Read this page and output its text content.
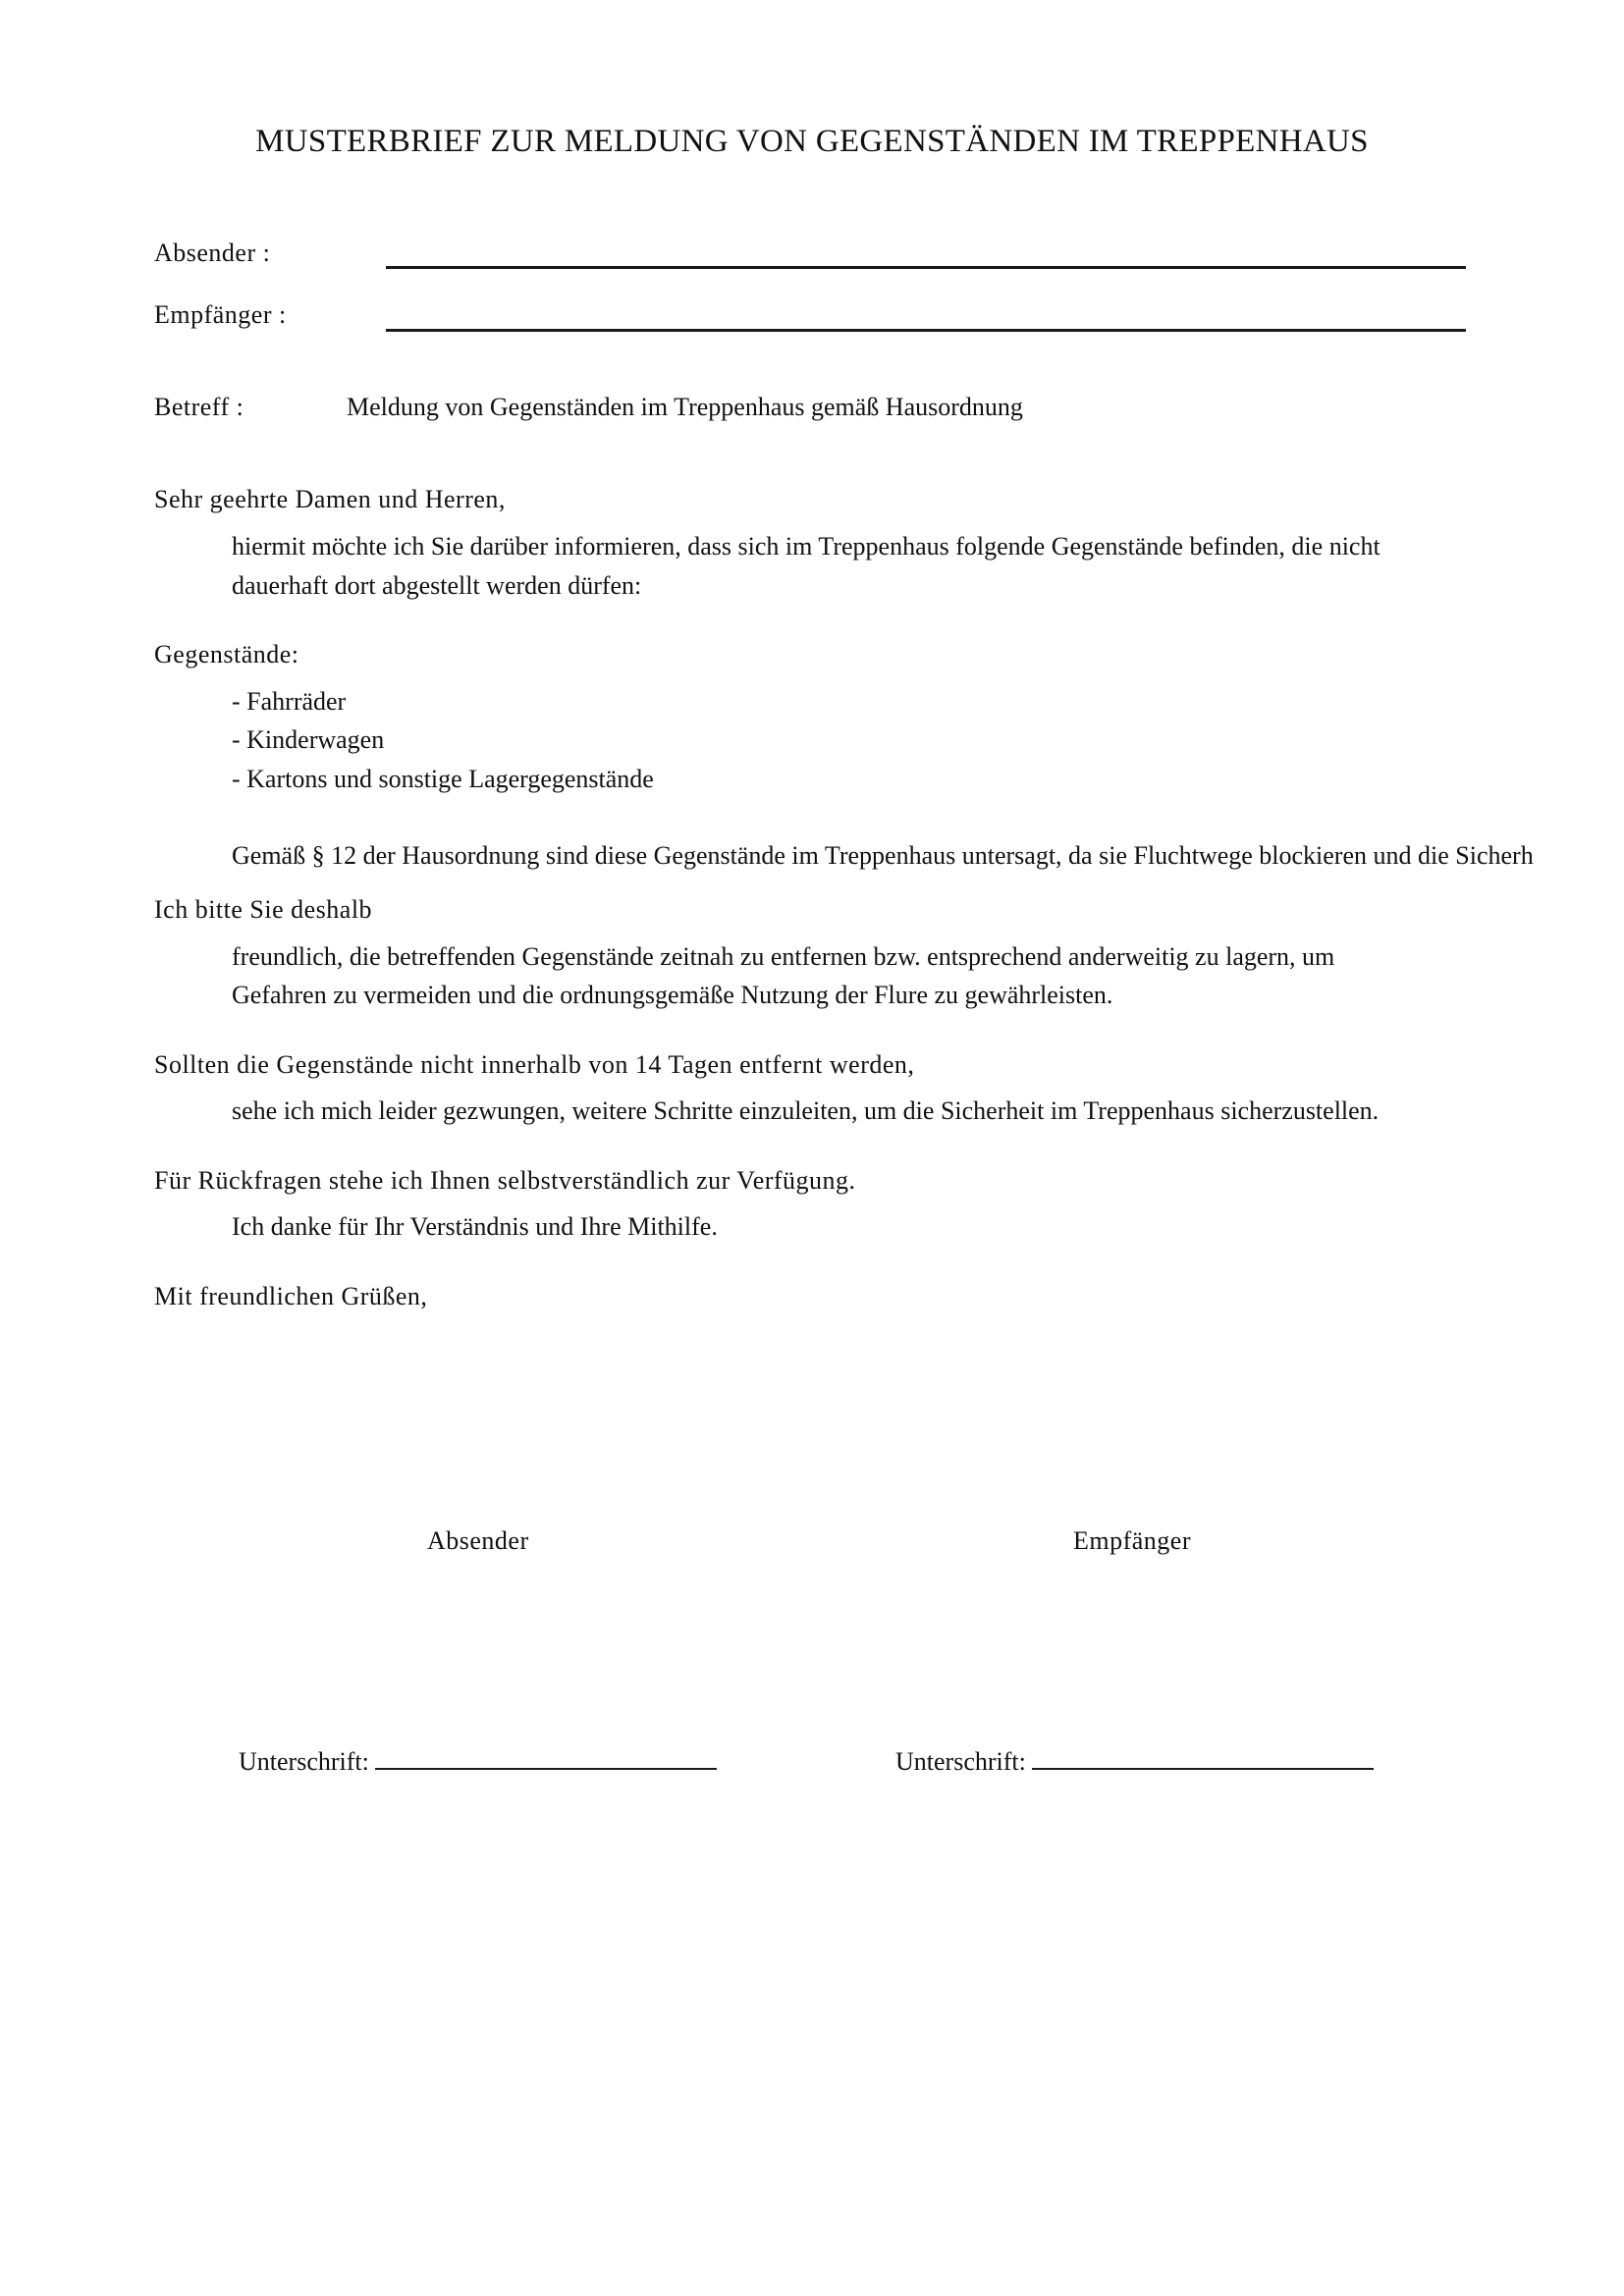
MUSTERBRIEF ZUR MELDUNG VON GEGENSTÄNDEN IM TREPPENHAUS
Absender :
Empfänger :
Betreff :	Meldung von Gegenständen im Treppenhaus gemäß Hausordnung
Sehr geehrte Damen und Herren,
hiermit möchte ich Sie darüber informieren, dass sich im Treppenhaus folgende Gegenstände befinden, die nicht
dauerhaft dort abgestellt werden dürfen:
Gegenstände:
- Fahrräder
- Kinderwagen
- Kartons und sonstige Lagergegenstände
Gemäß § 12 der Hausordnung sind diese Gegenstände im Treppenhaus untersagt, da sie Fluchtwege blockieren und die Sicherh
Ich bitte Sie deshalb
freundlich, die betreffenden Gegenstände zeitnah zu entfernen bzw. entsprechend anderweitig zu lagern, um
Gefahren zu vermeiden und die ordnungsgemäße Nutzung der Flure zu gewährleisten.
Sollten die Gegenstände nicht innerhalb von 14 Tagen entfernt werden,
sehe ich mich leider gezwungen, weitere Schritte einzuleiten, um die Sicherheit im Treppenhaus sicherzustellen.
Für Rückfragen stehe ich Ihnen selbstverständlich zur Verfügung.
Ich danke für Ihr Verständnis und Ihre Mithilfe.
Mit freundlichen Grüßen,
Absender	Empfänger
Unterschrift:	Unterschrift:
